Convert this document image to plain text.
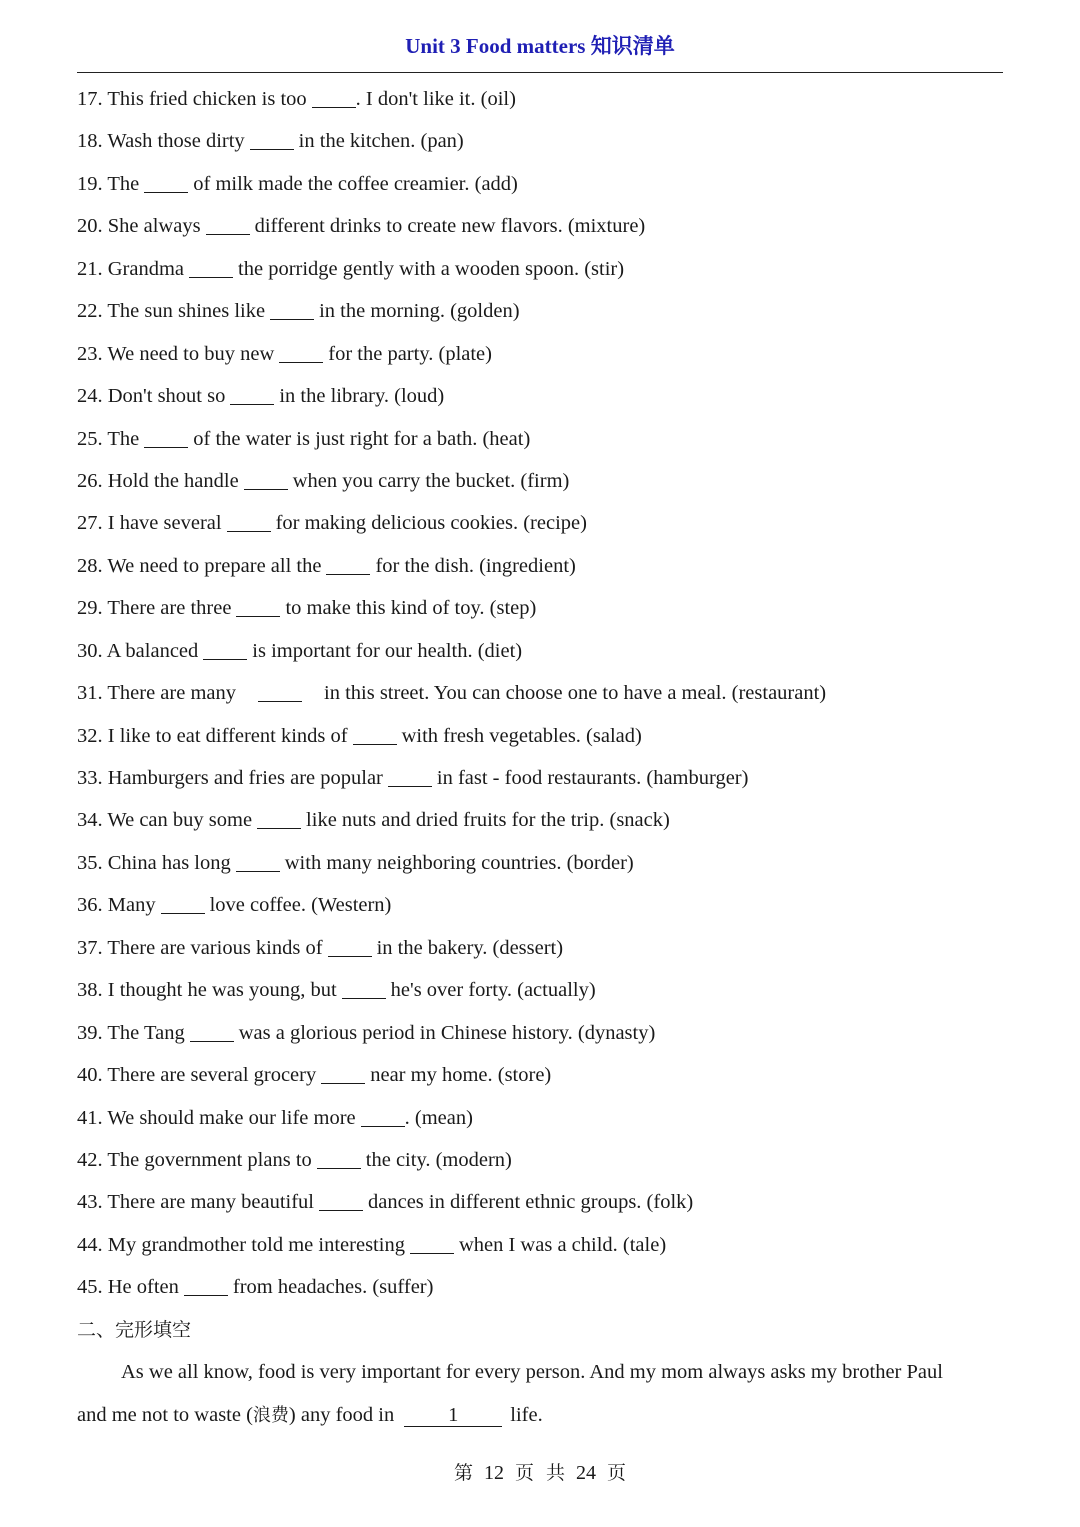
Unit 3 Food matters 知识清单
17. This fried chicken is too . I don't like it. (oil)
18. Wash those dirty	in the kitchen. (pan)
19. The	of milk made the coffee creamier. (add)
20. She always	different drinks to create new flavors. (mixture)
21. Grandma	the porridge gently with a wooden spoon. (stir)
22. The sun shines like	in the morning. (golden)
23. We need to buy new	for the party. (plate)
24. Don't shout so	in the library. (loud)
25. The	of the water is just right for a bath. (heat)
26. Hold the handle	when you carry the bucket. (firm)
27. I have several	for making delicious cookies. (recipe)
28. We need to prepare all the	for the dish. (ingredient)
29. There are three	to make this kind of toy. (step)
30. A balanced	is important for our health. (diet)
31. There are many	in this street. You can choose one to have a meal. (restaurant)
32. I like to eat different kinds of	with fresh vegetables. (salad)
33. Hamburgers and fries are popular	in fast - food restaurants. (hamburger)
34. We can buy some	like nuts and dried fruits for the trip. (snack)
35. China has long	with many neighboring countries. (border)
36. Many	love coffee. (Western)
37. There are various kinds of	in the bakery. (dessert)
38. I thought he was young, but	he's over forty. (actually)
39. The Tang	was a glorious period in Chinese history. (dynasty)
40. There are several grocery	near my home. (store)
41. We should make our life more . (mean)
42. The government plans to	the city. (modern)
43. There are many beautiful	dances in different ethnic groups. (folk)
44. My grandmother told me interesting	when I was a child. (tale)
45. He often	from headaches. (suffer)
二、完形填空
As we all know, food is very important for every person. And my mom always asks my brother Paul
and me not to waste (浪费) any food in	1	life.
第 12 页 共 24 页
